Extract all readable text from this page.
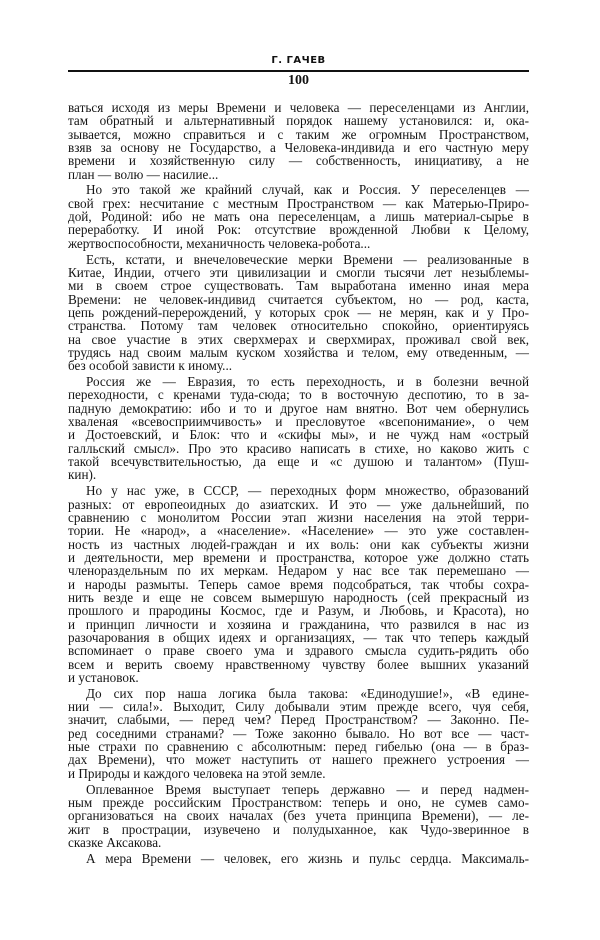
Г. ГАЧЕВ
100
ваться исходя из меры Времени и человека — переселенцами из Англии,
там обратный и альтернативный порядок нашему установился: и, ока-
зывается, можно справиться и с таким же огромным Пространством,
взяв за основу не Государство, а Человека-индивида и его частную меру
времени и хозяйственную силу — собственность, инициативу, а не
план — волю — насилие...
Но это такой же крайний случай, как и Россия. У переселенцев —
свой грех: несчитание с местным Пространством — как Матерью-Приро-
дой, Родиной: ибо не мать она переселенцам, а лишь материал-сырье в
переработку. И иной Рок: отсутствие врожденной Любви к Целому,
жертвоспособности, механичность человека-робота...
Есть, кстати, и внечеловеческие мерки Времени — реализованные в
Китае, Индии, отчего эти цивилизации и смогли тысячи лет незыблемы-
ми в своем строе существовать. Там выработана именно иная мера
Времени: не человек-индивид считается субъектом, но — род, каста,
цепь рождений-перерождений, у которых срок — не мерян, как и у Про-
странства. Потому там человек относительно спокойно, ориентируясь
на свое участие в этих сверхмерах и сверхмирах, проживал свой век,
трудясь над своим малым куском хозяйства и телом, ему отведенным, —
без особой зависти к иному...
Россия же — Евразия, то есть переходность, и в болезни вечной
переходности, с кренами туда-сюда; то в восточную деспотию, то в за-
падную демократию: ибо и то и другое нам внятно. Вот чем обернулись
хваленая «всевосприимчивость» и пресловутое «всепонимание», о чем
и Достоевский, и Блок: что и «скифы мы», и не чужд нам «острый
галльский смысл». Про это красиво написать в стихе, но каково жить с
такой всечувствительностью, да еще и «с душою и талантом» (Пуш-
кин).
Но у нас уже, в СССР, — переходных форм множество, образований
разных: от европеоидных до азиатских. И это — уже дальнейший, по
сравнению с монолитом России этап жизни населения на этой терри-
тории. Не «народ», а «население». «Население» — это уже составлен-
ность из частных людей-граждан и их воль: они как субъекты жизни
и деятельности, мер времени и пространства, которое уже должно стать
членораздельным по их меркам. Недаром у нас все так перемешано —
и народы размыты. Теперь самое время подсобраться, так чтобы сохра-
нить везде и еще не совсем вымершую народность (сей прекрасный из
прошлого и прародины Космос, где и Разум, и Любовь, и Красота), но
и принцип личности и хозяина и гражданина, что развился в нас из
разочарования в общих идеях и организациях, — так что теперь каждый
вспоминает о праве своего ума и здравого смысла судить-рядить обо
всем и верить своему нравственному чувству более вышних указаний
и установок.
До сих пор наша логика была такова: «Единодушие!», «В едине-
нии — сила!». Выходит, Силу добывали этим прежде всего, чуя себя,
значит, слабыми, — перед чем? Перед Пространством? — Законно. Пе-
ред соседними странами? — Тоже законно бывало. Но вот все — част-
ные страхи по сравнению с абсолютным: перед гибелью (она — в браз-
дах Времени), что может наступить от нашего прежнего устроения —
и Природы и каждого человека на этой земле.
Оплеванное Время выступает теперь державно — и перед надмен-
ным прежде российским Пространством: теперь и оно, не сумев само-
организоваться на своих началах (без учета принципа Времени), — ле-
жит в прострации, изувечено и полудыханное, как Чудо-зверинное в
сказке Аксакова.
А мера Времени — человек, его жизнь и пульс сердца. Максималь-
